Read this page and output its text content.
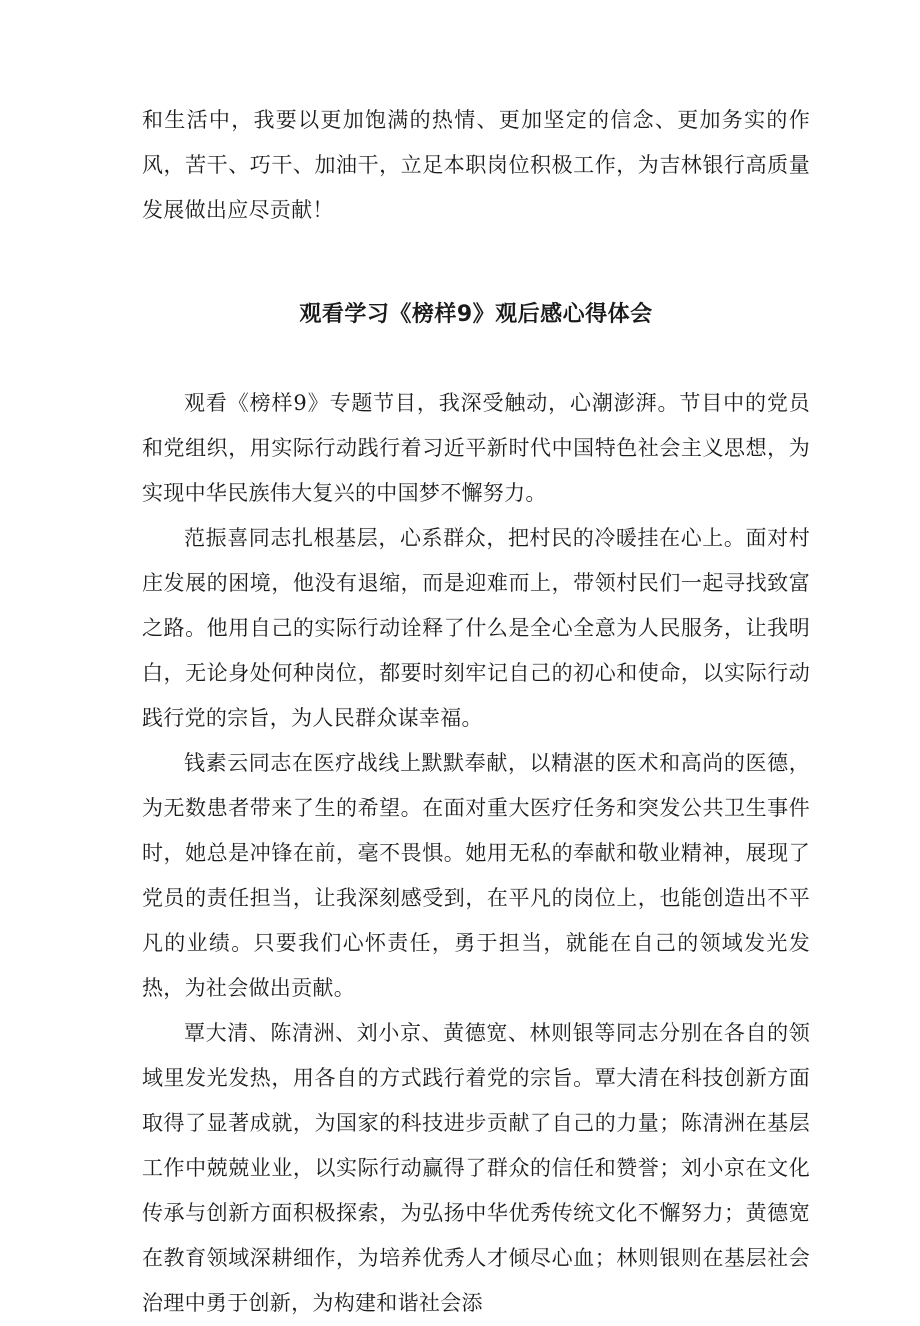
和生活中，我要以更加饱满的热情、更加坚定的信念、更加务实的作风，苦干、巧干、加油干，立足本职岗位积极工作，为吉林银行高质量发展做出应尽贡献！

观看学习《榜样9》观后感心得体会

观看《榜样9》专题节目，我深受触动，心潮澎湃。节目中的党员和党组织，用实际行动践行着习近平新时代中国特色社会主义思想，为实现中华民族伟大复兴的中国梦不懈努力。

范振喜同志扎根基层，心系群众，把村民的冷暖挂在心上。面对村庄发展的困境，他没有退缩，而是迎难而上，带领村民们一起寻找致富之路。他用自己的实际行动诠释了什么是全心全意为人民服务，让我明白，无论身处何种岗位，都要时刻牢记自己的初心和使命，以实际行动践行党的宗旨，为人民群众谋幸福。

钱素云同志在医疗战线上默默奉献，以精湛的医术和高尚的医德，为无数患者带来了生的希望。在面对重大医疗任务和突发公共卫生事件时，她总是冲锋在前，毫不畏惧。她用无私的奉献和敬业精神，展现了党员的责任担当，让我深刻感受到，在平凡的岗位上，也能创造出不平凡的业绩。只要我们心怀责任，勇于担当，就能在自己的领域发光发热，为社会做出贡献。

覃大清、陈清洲、刘小京、黄德宽、林则银等同志分别在各自的领域里发光发热，用各自的方式践行着党的宗旨。覃大清在科技创新方面取得了显著成就，为国家的科技进步贡献了自己的力量；陈清洲在基层工作中兢兢业业，以实际行动赢得了群众的信任和赞誉；刘小京在文化传承与创新方面积极探索，为弘扬中华优秀传统文化不懈努力；黄德宽在教育领域深耕细作，为培养优秀人才倾尽心血；林则银则在基层社会治理中勇于创新，为构建和谐社会添
